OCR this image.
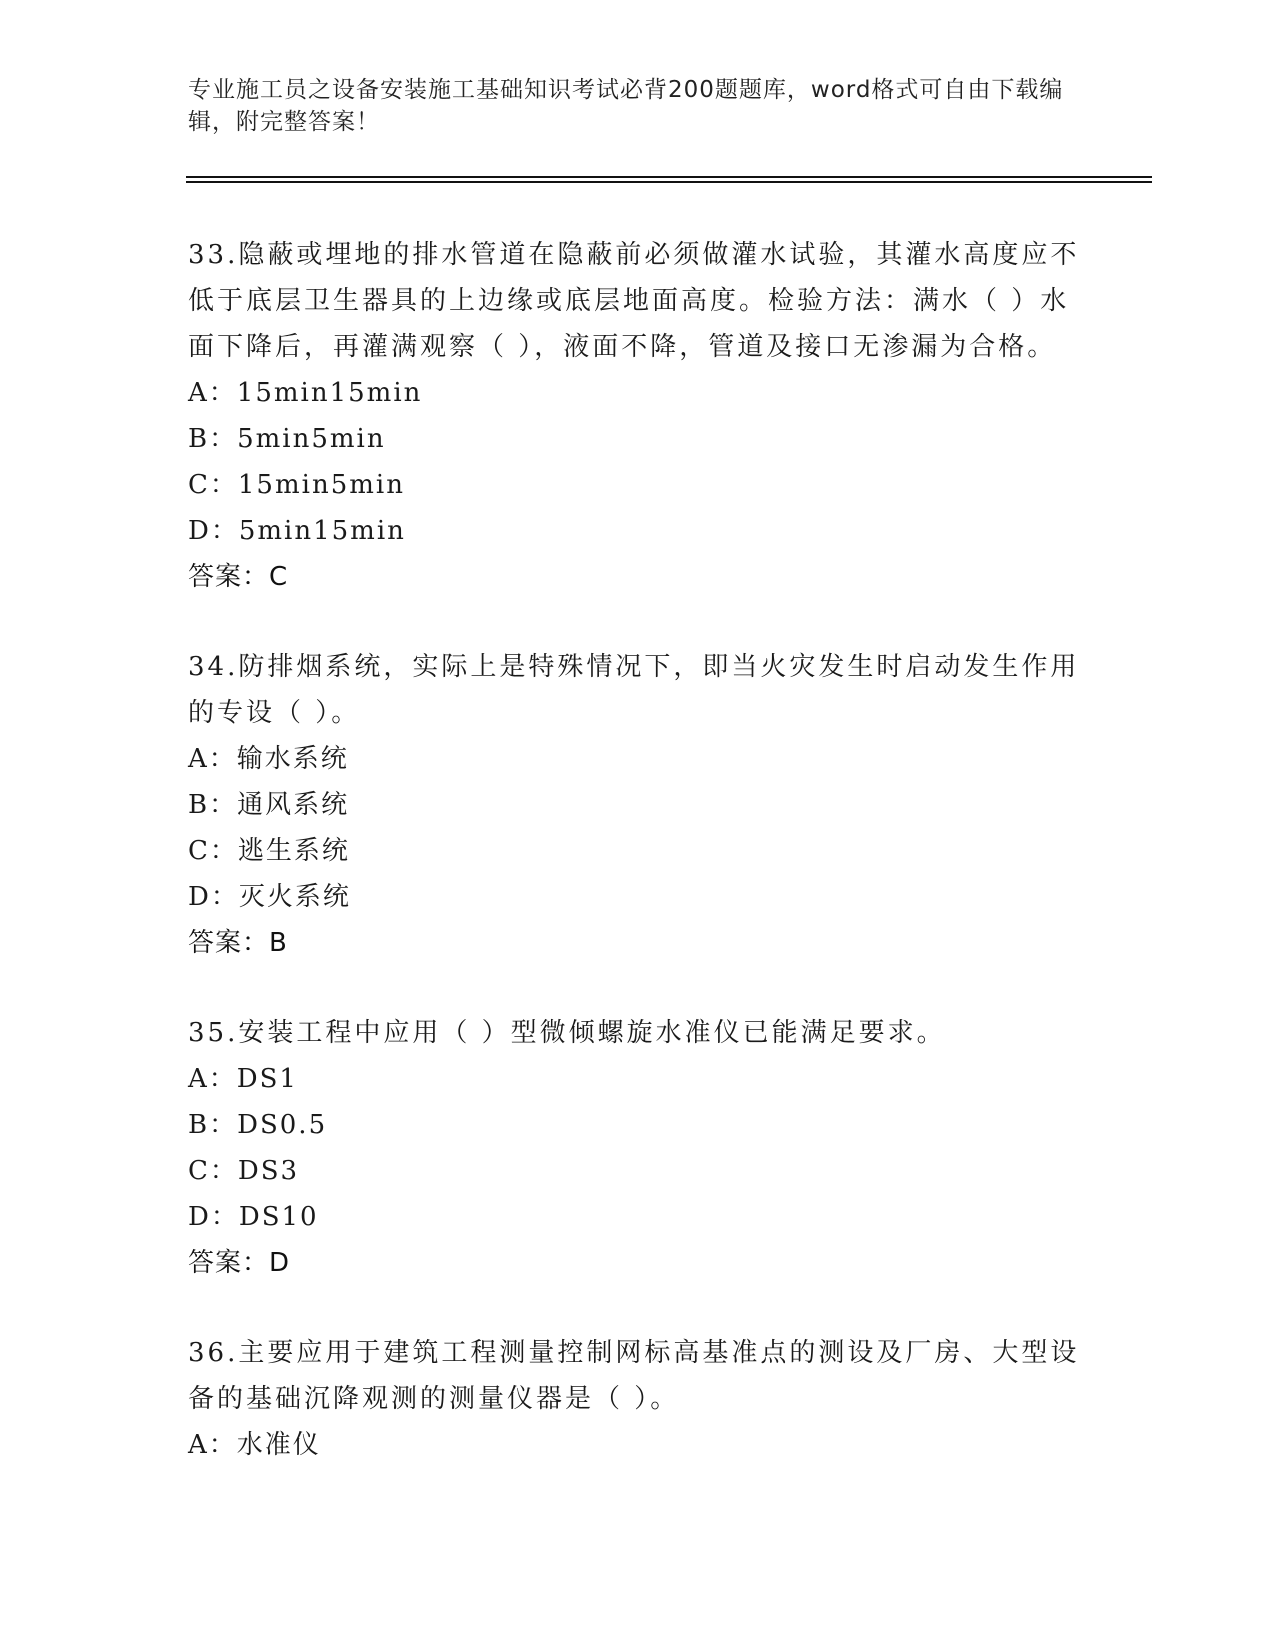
专业施工员之设备安装施工基础知识考试必背200题题库，word格式可自由下载编辑，附完整答案！

33.隐蔽或埋地的排水管道在隐蔽前必须做灌水试验，其灌水高度应不低于底层卫生器具的上边缘或底层地面高度。检验方法：满水（ ）水面下降后，再灌满观察（ ），液面不降，管道及接口无渗漏为合格。

A：15min15min

B：5min5min

C：15min5min

D：5min15min

答案：C

34.防排烟系统，实际上是特殊情况下，即当火灾发生时启动发生作用的专设（ ）。

A：输水系统

B：通风系统

C：逃生系统

D：灭火系统

答案：B

35.安装工程中应用（ ）型微倾螺旋水准仪已能满足要求。

A：DS1

B：DS0.5

C：DS3

D：DS10

答案：D

36.主要应用于建筑工程测量控制网标高基准点的测设及厂房、大型设备的基础沉降观测的测量仪器是（ ）。

A：水准仪
